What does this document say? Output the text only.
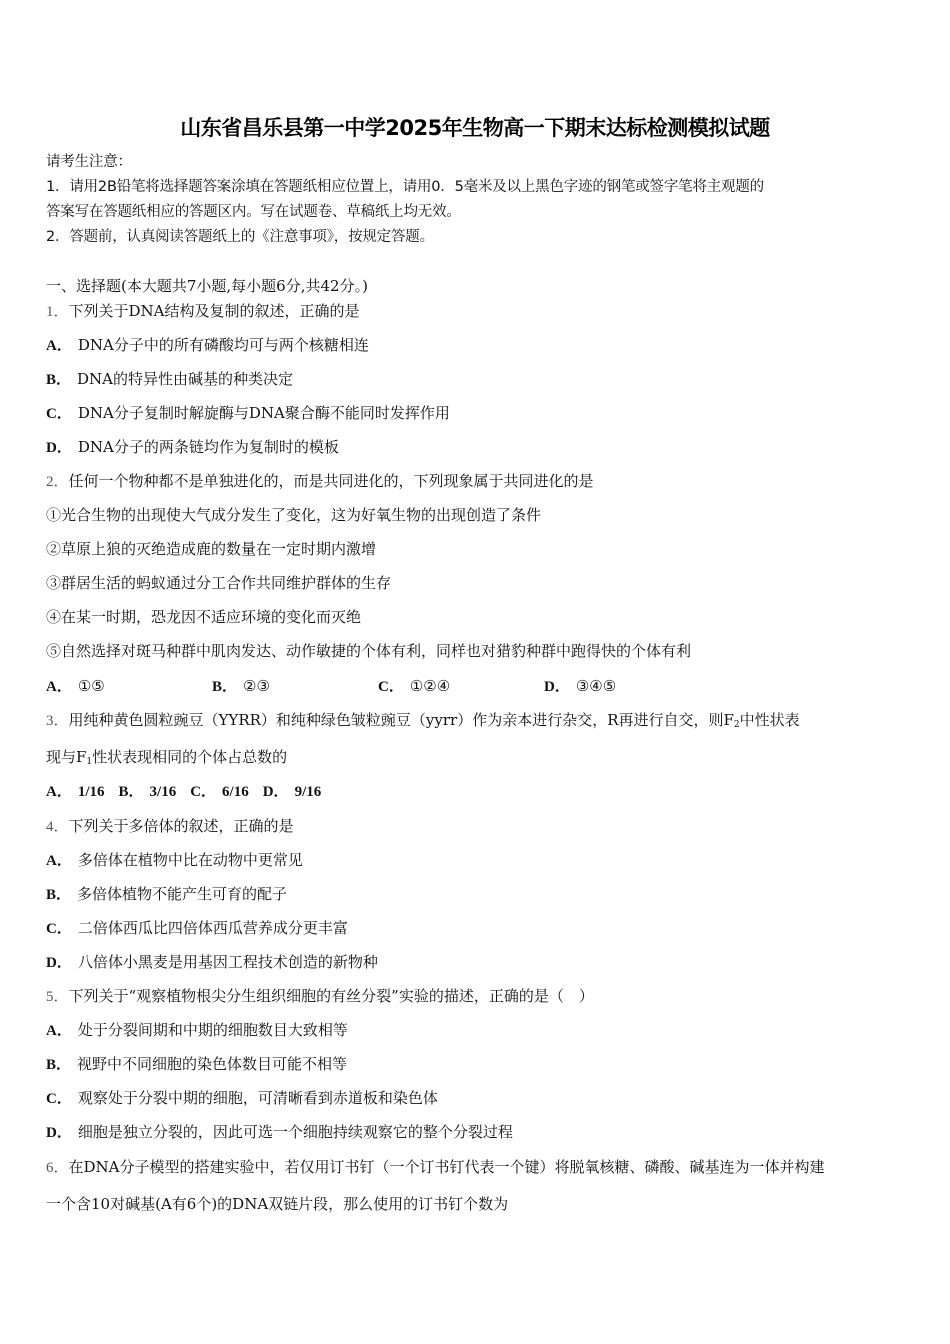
山东省昌乐县第一中学2025年生物高一下期末达标检测模拟试题
请考生注意：
1．请用2B铅笔将选择题答案涂填在答题纸相应位置上，请用0．5毫米及以上黑色字迹的钢笔或签字笔将主观题的
答案写在答题纸相应的答题区内。写在试题卷、草稿纸上均无效。
2．答题前，认真阅读答题纸上的《注意事项》，按规定答题。
一、选择题(本大题共7小题,每小题6分,共42分。)
1．下列关于DNA结构及复制的叙述，正确的是
A． DNA分子中的所有磷酸均可与两个核糖相连
B． DNA的特异性由碱基的种类决定
C． DNA分子复制时解旋酶与DNA聚合酶不能同时发挥作用
D． DNA分子的两条链均作为复制时的模板
2．任何一个物种都不是单独进化的，而是共同进化的，下列现象属于共同进化的是
①光合生物的出现使大气成分发生了变化，这为好氧生物的出现创造了条件
②草原上狼的灭绝造成鹿的数量在一定时期内激增
③群居生活的蚂蚁通过分工合作共同维护群体的生存
④在某一时期，恐龙因不适应环境的变化而灭绝
⑤自然选择对斑马种群中肌肉发达、动作敏捷的个体有利，同样也对猎豹种群中跑得快的个体有利
A． ①⑤	B． ②③	C． ①②④	D． ③④⑤
3．用纯种黄色圆粒豌豆（YYRR）和纯种绿色皱粒豌豆（yyrr）作为亲本进行杂交，R再进行自交，则$F_2$中性状表
现与$F_1$性状表现相同的个体占总数的
A． 1/16 B． 3/16 C． 6/16 D． 9/16
4．下列关于多倍体的叙述，正确的是
A． 多倍体在植物中比在动物中更常见
B． 多倍体植物不能产生可育的配子
C． 二倍体西瓜比四倍体西瓜营养成分更丰富
D． 八倍体小黑麦是用基因工程技术创造的新物种
5．下列关于“观察植物根尖分生组织细胞的有丝分裂”实验的描述，正确的是（　）
A． 处于分裂间期和中期的细胞数目大致相等
B． 视野中不同细胞的染色体数目可能不相等
C． 观察处于分裂中期的细胞，可清晰看到赤道板和染色体
D． 细胞是独立分裂的，因此可选一个细胞持续观察它的整个分裂过程
6．在DNA分子模型的搭建实验中，若仅用订书钉（一个订书钉代表一个键）将脱氧核糖、磷酸、碱基连为一体并构建
一个含10对碱基(A有6个)的DNA双链片段，那么使用的订书钉个数为
